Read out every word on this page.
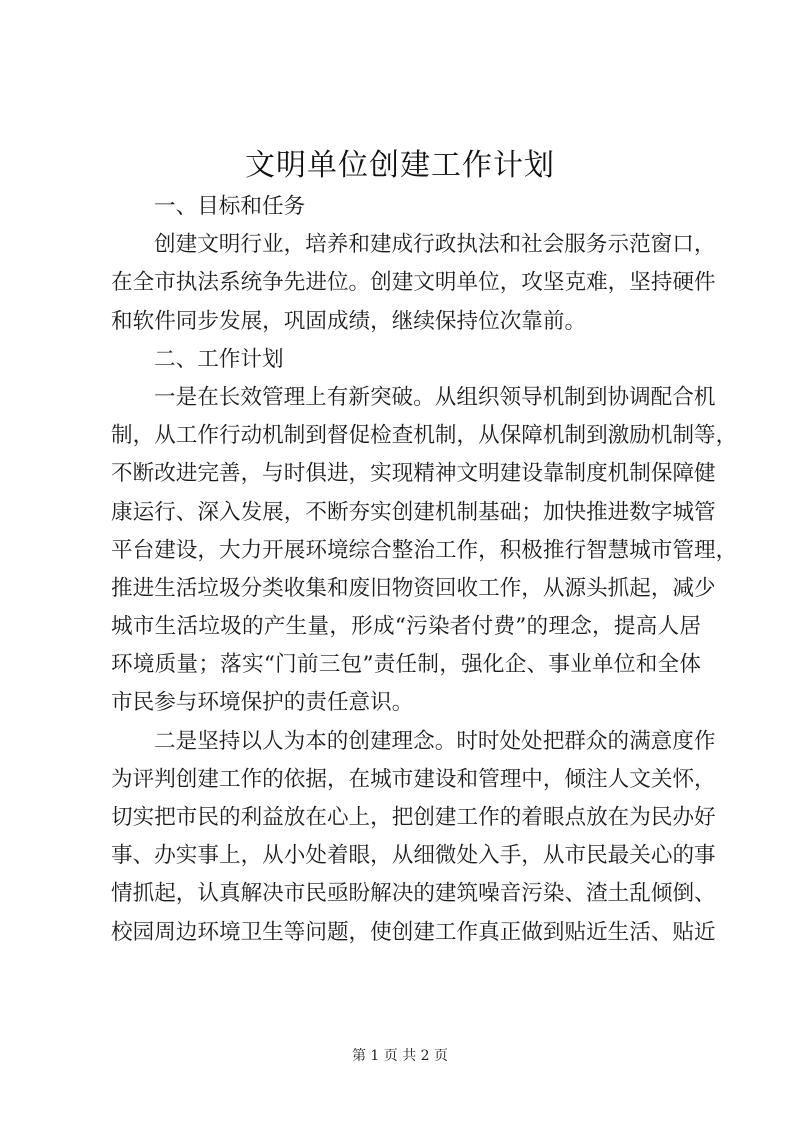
文明单位创建工作计划
一、目标和任务
创建文明行业，培养和建成行政执法和社会服务示范窗口，
在全市执法系统争先进位。创建文明单位，攻坚克难，坚持硬件
和软件同步发展，巩固成绩，继续保持位次靠前。
二、工作计划
一是在长效管理上有新突破。从组织领导机制到协调配合机
制，从工作行动机制到督促检查机制，从保障机制到激励机制等，
不断改进完善，与时俱进，实现精神文明建设靠制度机制保障健
康运行、深入发展，不断夯实创建机制基础；加快推进数字城管
平台建设，大力开展环境综合整治工作，积极推行智慧城市管理，
推进生活垃圾分类收集和废旧物资回收工作，从源头抓起，减少
城市生活垃圾的产生量，形成“污染者付费”的理念，提高人居
环境质量；落实“门前三包”责任制，强化企、事业单位和全体
市民参与环境保护的责任意识。
二是坚持以人为本的创建理念。时时处处把群众的满意度作
为评判创建工作的依据，在城市建设和管理中，倾注人文关怀，
切实把市民的利益放在心上，把创建工作的着眼点放在为民办好
事、办实事上，从小处着眼，从细微处入手，从市民最关心的事
情抓起，认真解决市民亟盼解决的建筑噪音污染、渣土乱倾倒、
校园周边环境卫生等问题，使创建工作真正做到贴近生活、贴近
第 1 页 共 2 页
